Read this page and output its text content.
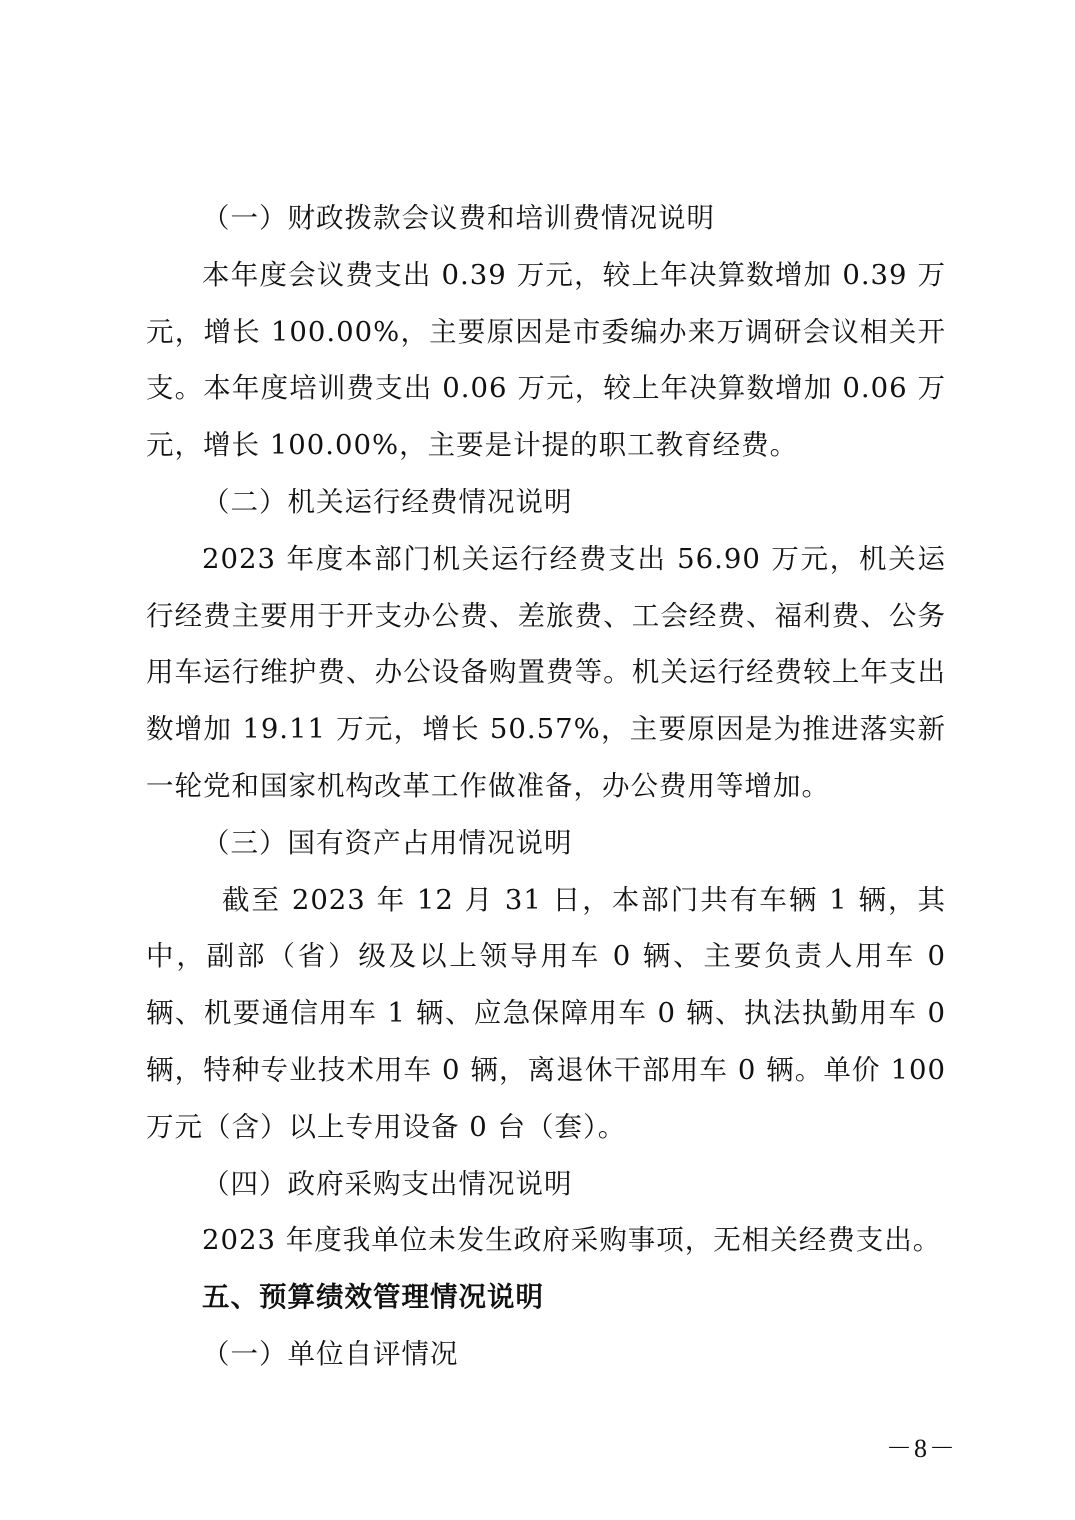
（一）财政拨款会议费和培训费情况说明

本年度会议费支出 0.39 万元，较上年决算数增加 0.39 万元，增长 100.00%，主要原因是市委编办来万调研会议相关开支。本年度培训费支出 0.06 万元，较上年决算数增加 0.06 万元，增长 100.00%，主要是计提的职工教育经费。

（二）机关运行经费情况说明

2023 年度本部门机关运行经费支出 56.90 万元，机关运行经费主要用于开支办公费、差旅费、工会经费、福利费、公务用车运行维护费、办公设备购置费等。机关运行经费较上年支出数增加 19.11 万元，增长 50.57%，主要原因是为推进落实新一轮党和国家机构改革工作做准备，办公费用等增加。

（三）国有资产占用情况说明

截至 2023 年 12 月 31 日，本部门共有车辆 1 辆，其中，副部（省）级及以上领导用车 0 辆、主要负责人用车 0 辆、机要通信用车 1 辆、应急保障用车 0 辆、执法执勤用车 0 辆，特种专业技术用车 0 辆，离退休干部用车 0 辆。单价 100 万元（含）以上专用设备 0 台（套）。

（四）政府采购支出情况说明

2023 年度我单位未发生政府采购事项，无相关经费支出。

五、预算绩效管理情况说明

（一）单位自评情况

－8－
